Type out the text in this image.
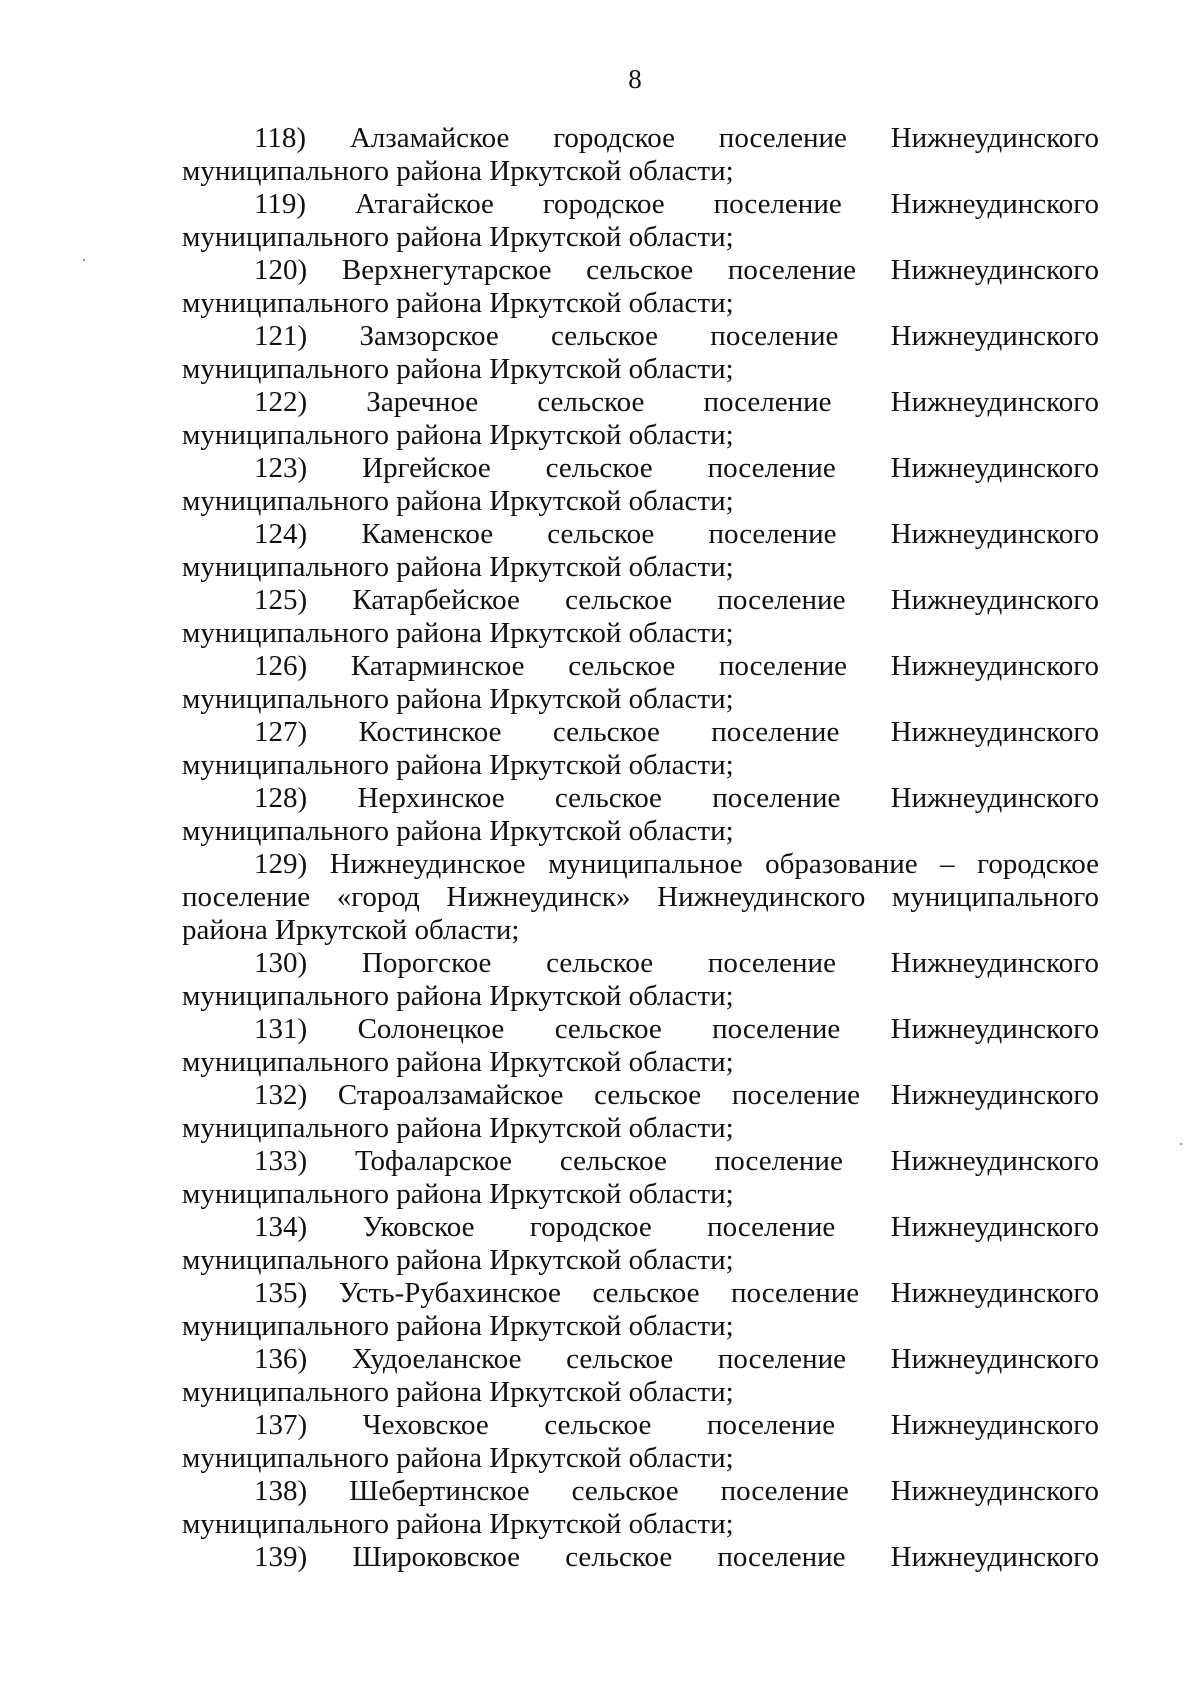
8
118) Алзамайское городское поселение Нижнеудинского
муниципального района Иркутской области;
119) Атагайское городское поселение Нижнеудинского
муниципального района Иркутской области;
120) Верхнегутарское сельское поселение Нижнеудинского
муниципального района Иркутской области;
121) Замзорское сельское поселение Нижнеудинского
муниципального района Иркутской области;
122) Заречное сельское поселение Нижнеудинского
муниципального района Иркутской области;
123) Иргейское сельское поселение Нижнеудинского
муниципального района Иркутской области;
124) Каменское сельское поселение Нижнеудинского
муниципального района Иркутской области;
125) Катарбейское сельское поселение Нижнеудинского
муниципального района Иркутской области;
126) Катарминское сельское поселение Нижнеудинского
муниципального района Иркутской области;
127) Костинское сельское поселение Нижнеудинского
муниципального района Иркутской области;
128) Нерхинское сельское поселение Нижнеудинского
муниципального района Иркутской области;
129) Нижнеудинское муниципальное образование – городское
поселение «город Нижнеудинск» Нижнеудинского муниципального
района Иркутской области;
130) Порогское сельское поселение Нижнеудинского
муниципального района Иркутской области;
131) Солонецкое сельское поселение Нижнеудинского
муниципального района Иркутской области;
132) Староалзамайское сельское поселение Нижнеудинского
муниципального района Иркутской области;
133) Тофаларское сельское поселение Нижнеудинского
муниципального района Иркутской области;
134) Уковское городское поселение Нижнеудинского
муниципального района Иркутской области;
135) Усть-Рубахинское сельское поселение Нижнеудинского
муниципального района Иркутской области;
136) Худоеланское сельское поселение Нижнеудинского
муниципального района Иркутской области;
137) Чеховское сельское поселение Нижнеудинского
муниципального района Иркутской области;
138) Шебертинское сельское поселение Нижнеудинского
муниципального района Иркутской области;
139) Широковское сельское поселение Нижнеудинского
